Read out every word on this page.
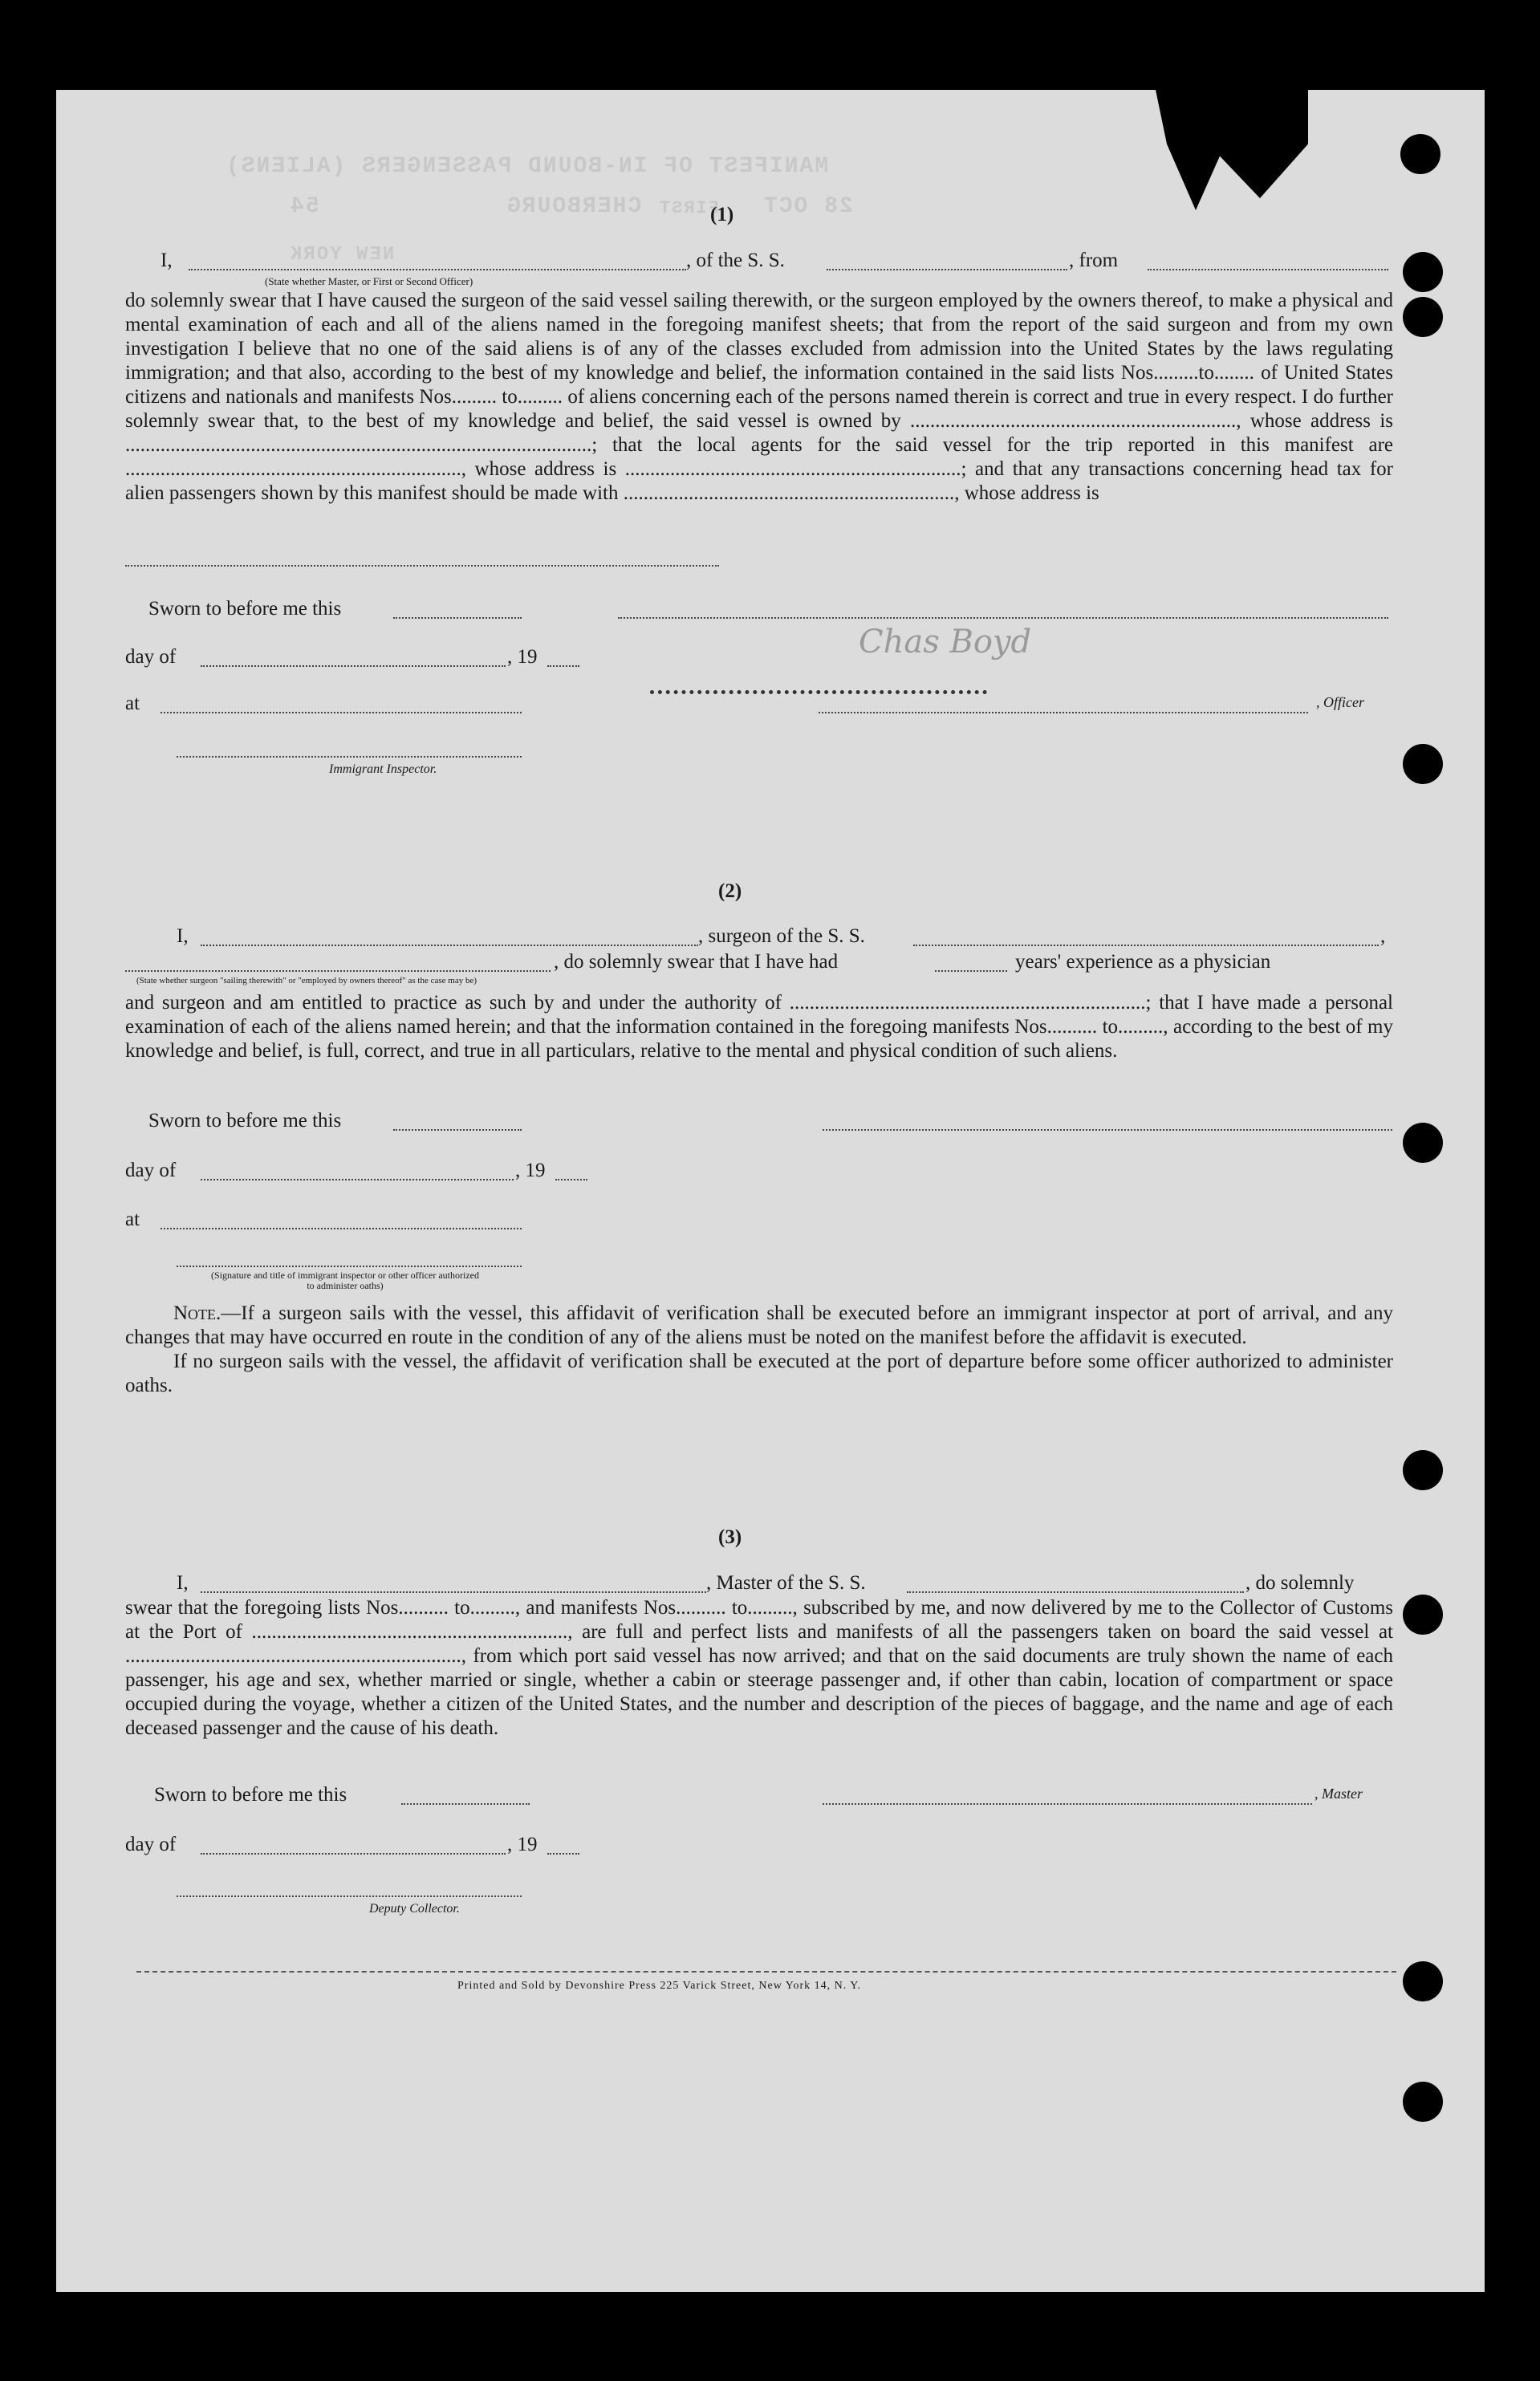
MANIFEST OF IN-BOUND PASSENGERS (ALIENS)
CHERBOURG	28 OCT
54	FIRST
NEW YORK
Chas Boyd
(1)
I,	, of the S. S.	, from
(State whether Master, or First or Second Officer)

do solemnly swear that I have caused the surgeon of the said vessel sailing therewith, or the surgeon employed by the owners thereof, to make a physical and mental examination of each and all of the aliens named in the foregoing manifest sheets; that from the report of the said surgeon and from my own investigation I believe that no one of the said aliens is of any of the classes excluded from admission into the United States by the laws regulating immigration; and that also, according to the best of my knowledge and belief, the information contained in the said lists Nos.........to........ of United States citizens and nationals and manifests Nos......... to......... of aliens concerning each of the persons named therein is correct and true in every respect. I do further solemnly swear that, to the best of my knowledge and belief, the said vessel is owned by ................................................................., whose address is .............................................................................................; that the local agents for the said vessel for the trip reported in this manifest are ..................................................................., whose address is ...................................................................; and that any transactions concerning head tax for alien passengers shown by this manifest should be made with .................................................................., whose address is

Sworn to before me this
day of	, 19
at	, Officer
Immigrant Inspector.
(2)
I,	, surgeon of the S. S.	,
, do solemnly swear that I have had	years' experience as a physician
(State whether surgeon "sailing therewith" or "employed by owners thereof" as the case may be)

and surgeon and am entitled to practice as such by and under the authority of .......................................................................; that I have made a personal examination of each of the aliens named herein; and that the information contained in the foregoing manifests Nos.......... to........., according to the best of my knowledge and belief, is full, correct, and true in all particulars, relative to the mental and physical condition of such aliens.

Sworn to before me this
day of	, 19
at
(Signature and title of immigrant inspector or other officer authorized to administer oaths)

Note.—If a surgeon sails with the vessel, this affidavit of verification shall be executed before an immigrant inspector at port of arrival, and any changes that may have occurred en route in the condition of any of the aliens must be noted on the manifest before the affidavit is executed.

If no surgeon sails with the vessel, the affidavit of verification shall be executed at the port of departure before some officer authorized to administer oaths.

(3)
I,	, Master of the S. S.	, do solemnly

swear that the foregoing lists Nos.......... to........., and manifests Nos.......... to........., subscribed by me, and now delivered by me to the Collector of Customs at the Port of ..............................................................., are full and perfect lists and manifests of all the passengers taken on board the said vessel at ..................................................................., from which port said vessel has now arrived; and that on the said documents are truly shown the name of each passenger, his age and sex, whether married or single, whether a cabin or steerage passenger and, if other than cabin, location of compartment or space occupied during the voyage, whether a citizen of the United States, and the number and description of the pieces of baggage, and the name and age of each deceased passenger and the cause of his death.

Sworn to before me this	, Master
day of	, 19
Deputy Collector.
Printed and Sold by Devonshire Press 225 Varick Street, New York 14, N. Y.
